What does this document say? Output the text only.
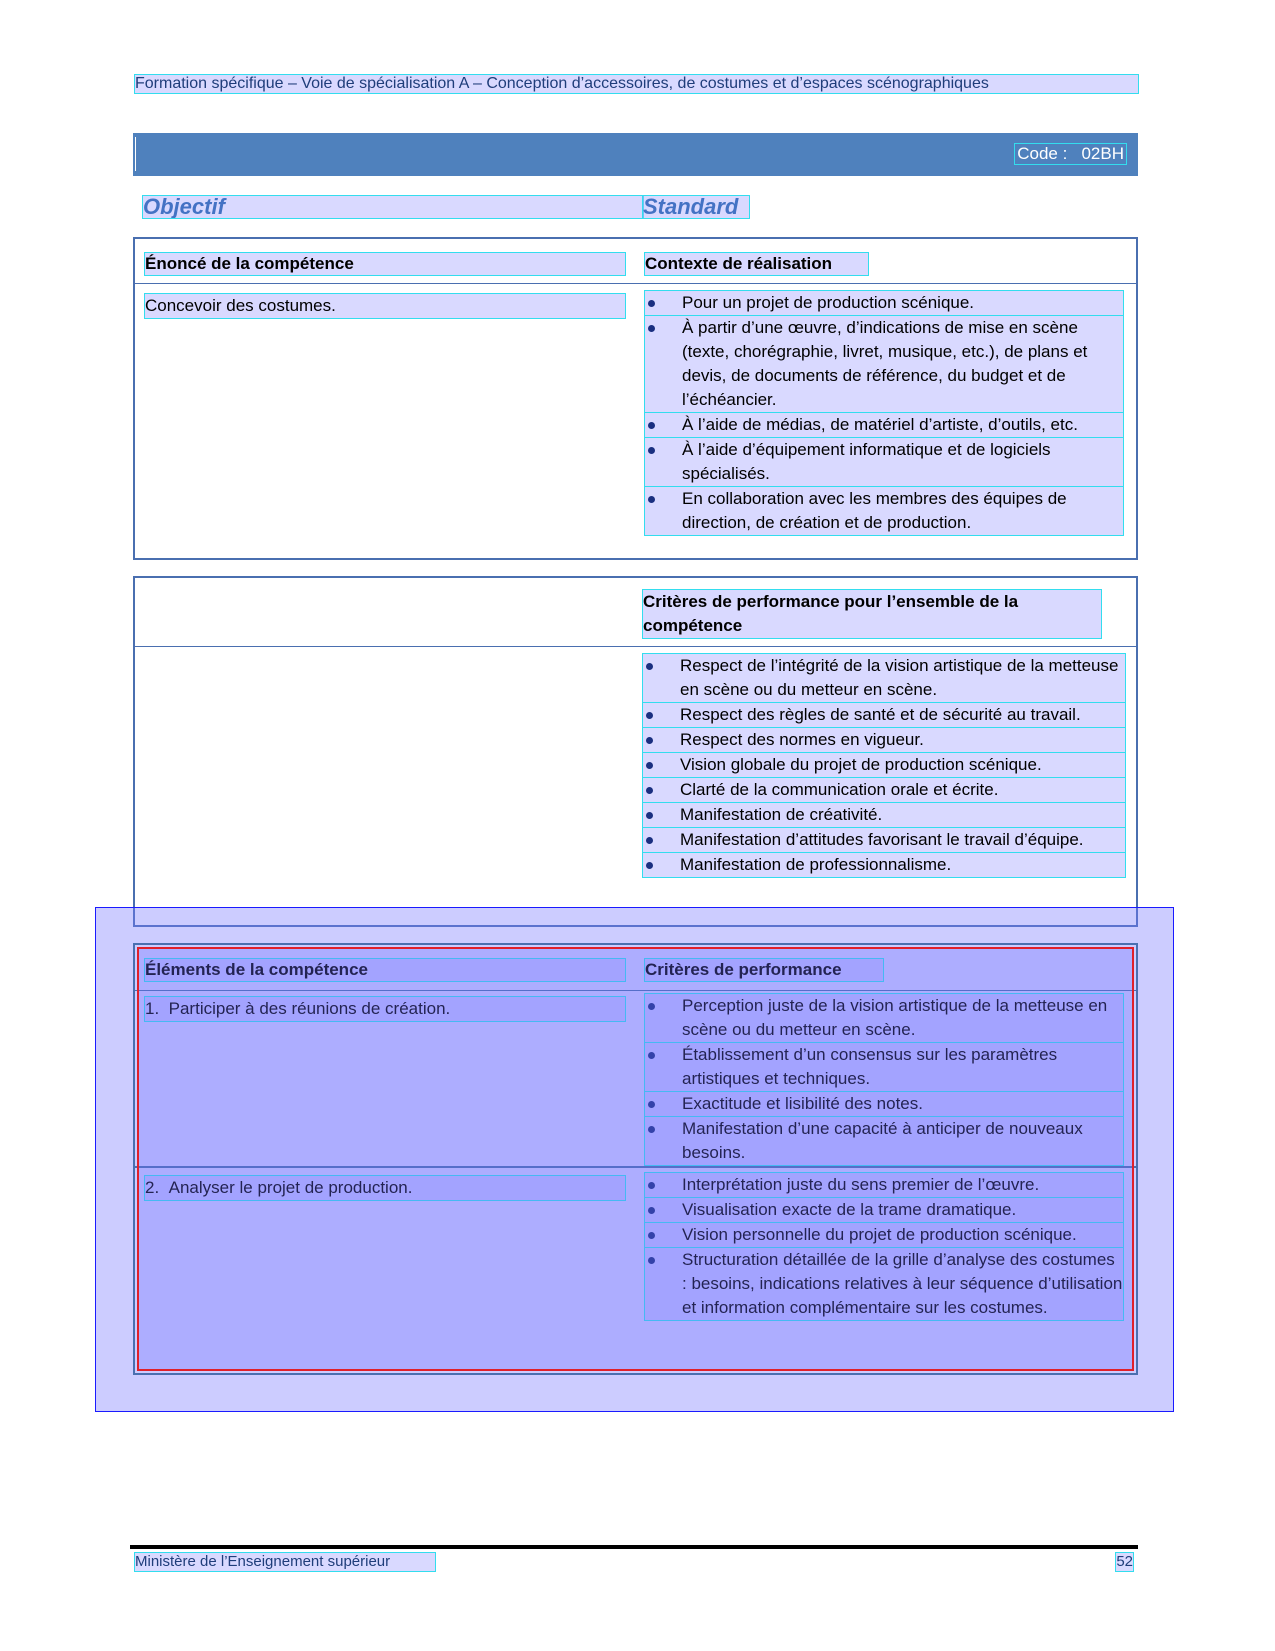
Formation spécifique – Voie de spécialisation A – Conception d’accessoires, de costumes et d’espaces scénographiques
Code :   02BH
Objectif	Standard
Énoncé de la compétence	Contexte de réalisation
Concevoir des costumes.	Pour un projet de production scénique.
À partir d’une œuvre, d’indications de mise en scène (texte, chorégraphie, livret, musique, etc.), de plans et devis, de documents de référence, du budget et de l’échéancier.
À l’aide de médias, de matériel d’artiste, d’outils, etc.
À l’aide d’équipement informatique et de logiciels spécialisés.
En collaboration avec les membres des équipes de direction, de création et de production.
Critères de performance pour l’ensemble de la compétence
Respect de l’intégrité de la vision artistique de la metteuse en scène ou du metteur en scène.
Respect des règles de santé et de sécurité au travail.
Respect des normes en vigueur.
Vision globale du projet de production scénique.
Clarté de la communication orale et écrite.
Manifestation de créativité.
Manifestation d’attitudes favorisant le travail d’équipe.
Manifestation de professionnalisme.
Éléments de la compétence	Critères de performance
1. Participer à des réunions de création.	Perception juste de la vision artistique de la metteuse en scène ou du metteur en scène.
Établissement d’un consensus sur les paramètres artistiques et techniques.
Exactitude et lisibilité des notes.
Manifestation d’une capacité à anticiper de nouveaux besoins.
2. Analyser le projet de production.	Interprétation juste du sens premier de l’œuvre.
Visualisation exacte de la trame dramatique.
Vision personnelle du projet de production scénique.
Structuration détaillée de la grille d’analyse des costumes : besoins, indications relatives à leur séquence d’utilisation et information complémentaire sur les costumes.
Ministère de l’Enseignement supérieur	52
